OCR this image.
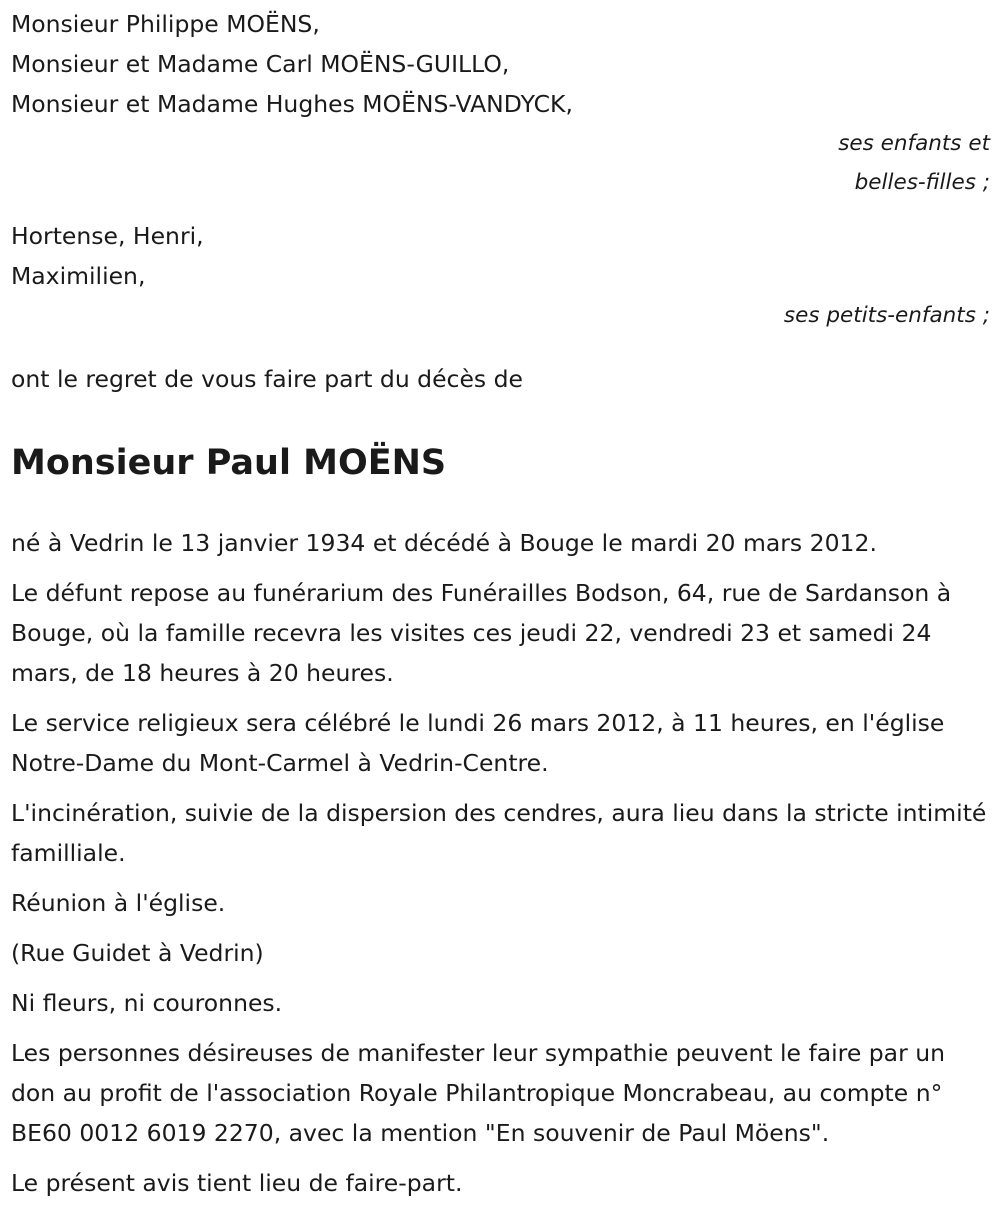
Monsieur Philippe MOËNS,
Monsieur et Madame Carl MOËNS-GUILLO,
Monsieur et Madame Hughes MOËNS-VANDYCK,
ses enfants et
belles-filles ;
Hortense, Henri,
Maximilien,
ses petits-enfants ;
ont le regret de vous faire part du décès de
Monsieur Paul MOËNS

né à Vedrin le 13 janvier 1934 et décédé à Bouge le mardi 20 mars 2012.

Le défunt repose au funérarium des Funérailles Bodson, 64, rue de Sardanson à Bouge, où la famille recevra les visites ces jeudi 22, vendredi 23 et samedi 24 mars, de 18 heures à 20 heures.

Le service religieux sera célébré le lundi 26 mars 2012, à 11 heures, en l'église Notre-Dame du Mont-Carmel à Vedrin-Centre.

L'incinération, suivie de la dispersion des cendres, aura lieu dans la stricte intimité familliale.

Réunion à l'église.

(Rue Guidet à Vedrin)

Ni fleurs, ni couronnes.

Les personnes désireuses de manifester leur sympathie peuvent le faire par un don au profit de l'association Royale Philantropique Moncrabeau, au compte n° BE60 0012 6019 2270, avec la mention "En souvenir de Paul Möens".

Le présent avis tient lieu de faire-part.
